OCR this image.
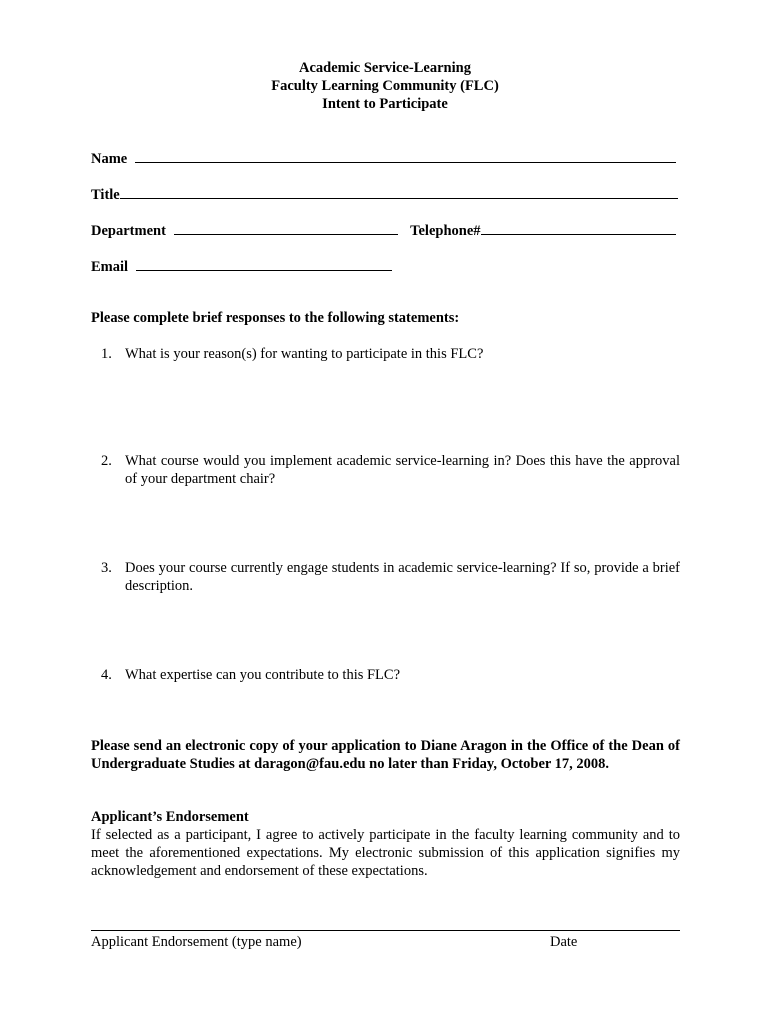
Academic Service-Learning
Faculty Learning Community (FLC)
Intent to Participate
Name
Title
Department	Telephone#
Email
Please complete brief responses to the following statements:
1. What is your reason(s) for wanting to participate in this FLC?
2. What course would you implement academic service-learning in? Does this have the approval of your department chair?
3. Does your course currently engage students in academic service-learning? If so, provide a brief description.
4. What expertise can you contribute to this FLC?
Please send an electronic copy of your application to Diane Aragon in the Office of the Dean of Undergraduate Studies at daragon@fau.edu no later than Friday, October 17, 2008.
Applicant’s Endorsement
If selected as a participant, I agree to actively participate in the faculty learning community and to meet the aforementioned expectations. My electronic submission of this application signifies my acknowledgement and endorsement of these expectations.
Applicant Endorsement (type name)	Date
